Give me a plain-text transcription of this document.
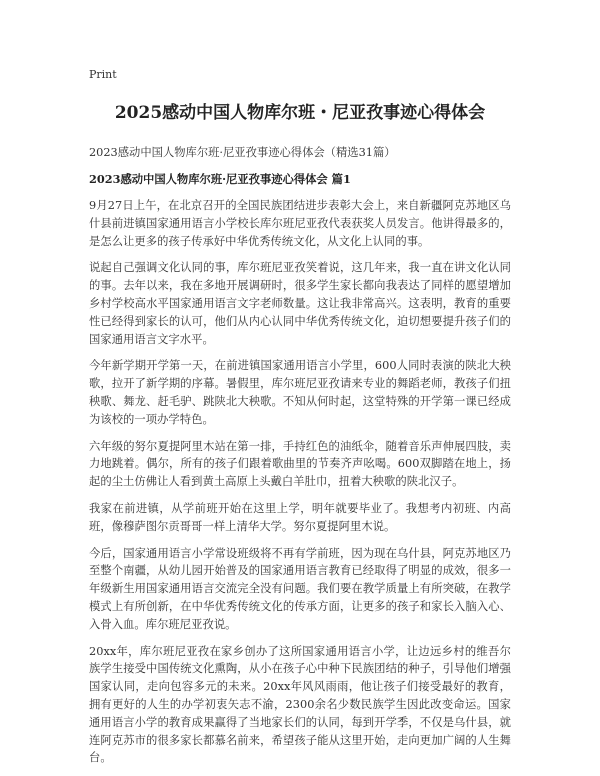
Print
2025感动中国人物库尔班・尼亚孜事迹心得体会
2023感动中国人物库尔班·尼亚孜事迹心得体会（精选31篇）
2023感动中国人物库尔班·尼亚孜事迹心得体会 篇1

9月27日上午，在北京召开的全国民族团结进步表彰大会上，来自新疆阿克苏地区乌什县前进镇国家通用语言小学校长库尔班尼亚孜代表获奖人员发言。他讲得最多的，是怎么让更多的孩子传承好中华优秀传统文化，从文化上认同的事。

说起自己强调文化认同的事，库尔班尼亚孜笑着说，这几年来，我一直在讲文化认同的事。去年以来，我在多地开展调研时，很多学生家长都向我表达了同样的愿望增加乡村学校高水平国家通用语言文字老师数量。这让我非常高兴。这表明，教育的重要性已经得到家长的认可，他们从内心认同中华优秀传统文化，迫切想要提升孩子们的国家通用语言文字水平。

今年新学期开学第一天，在前进镇国家通用语言小学里，600人同时表演的陕北大秧歌，拉开了新学期的序幕。暑假里，库尔班尼亚孜请来专业的舞蹈老师，教孩子们扭秧歌、舞龙、赶毛驴、跳陕北大秧歌。不知从何时起，这堂特殊的开学第一课已经成为该校的一项办学特色。

六年级的努尔夏提阿里木站在第一排，手持红色的油纸伞，随着音乐声伸展四肢，卖力地跳着。偶尔，所有的孩子们跟着歌曲里的节奏齐声吆喝。600双脚踏在地上，扬起的尘土仿佛让人看到黄土高原上头戴白羊肚巾，扭着大秧歌的陕北汉子。

我家在前进镇，从学前班开始在这里上学，明年就要毕业了。我想考内初班、内高班，像穆萨图尔贡哥哥一样上清华大学。努尔夏提阿里木说。

今后，国家通用语言小学常设班级将不再有学前班，因为现在乌什县，阿克苏地区乃至整个南疆，从幼儿园开始普及的国家通用语言教育已经取得了明显的成效，很多一年级新生用国家通用语言交流完全没有问题。我们要在教学质量上有所突破，在教学模式上有所创新，在中华优秀传统文化的传承方面，让更多的孩子和家长入脑入心、入骨入血。库尔班尼亚孜说。

20xx年，库尔班尼亚孜在家乡创办了这所国家通用语言小学，让边远乡村的维吾尔族学生接受中国传统文化熏陶，从小在孩子心中种下民族团结的种子，引导他们增强国家认同，走向包容多元的未来。20xx年风风雨雨，他让孩子们接受最好的教育，拥有更好的人生的办学初衷矢志不渝，2300余名少数民族学生因此改变命运。国家通用语言小学的教育成果赢得了当地家长们的认同，每到开学季，不仅是乌什县，就连阿克苏市的很多家长都慕名前来，希望孩子能从这里开始，走向更加广阔的人生舞台。
